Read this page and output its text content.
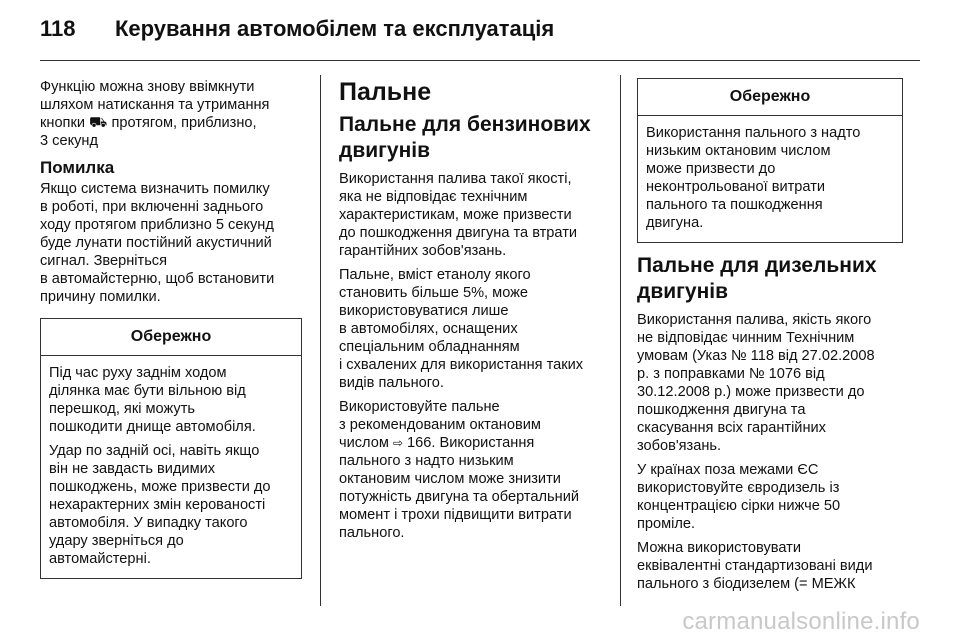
118	Керування автомобілем та експлуатація

Функцію можна знову ввімкнути
шляхом натискання та утримання
кнопки ⛟ протягом, приблизно,
3 секунд

Помилка

Якщо система визначить помилку
в роботі, при включенні заднього
ходу протягом приблизно 5 секунд
буде лунати постійний акустичний
сигнал. Зверніться
в автомайстерню, щоб встановити
причину помилки.

Обережно

Під час руху заднім ходом
ділянка має бути вільною від
перешкод, які можуть
пошкодити днище автомобіля.

Удар по задній осі, навіть якщо
він не завдасть видимих
пошкоджень, може призвести до
нехарактерних змін керованості
автомобіля. У випадку такого
удару зверніться до
автомайстерні.

Пальне
Пальне для бензинових
двигунів

Використання палива такої якості,
яка не відповідає технічним
характеристикам, може призвести
до пошкодження двигуна та втрати
гарантійних зобов'язань.

Пальне, вміст етанолу якого
становить більше 5%, може
використовуватися лише
в автомобілях, оснащених
спеціальним обладнанням
і схвалених для використання таких
видів пального.

Використовуйте пальне
з рекомендованим октановим
числом ⇨ 166. Використання
пального з надто низьким
октановим числом може знизити
потужність двигуна та обертальний
момент і трохи підвищити витрати
пального.

Обережно

Використання пального з надто
низьким октановим числом
може призвести до
неконтрольованої витрати
пального та пошкодження
двигуна.

Пальне для дизельних
двигунів

Використання палива, якість якого
не відповідає чинним Технічним
умовам (Указ № 118 від 27.02.2008
р. з поправками № 1076 від
30.12.2008 р.) може призвести до
пошкодження двигуна та
скасування всіх гарантійних
зобов'язань.

У країнах поза межами ЄС
використовуйте євродизель із
концентрацією сірки нижче 50
проміле.

Можна використовувати
еквівалентні стандартизовані види
пального з біодизелем (= МЕЖК

carmanualsonline.info
